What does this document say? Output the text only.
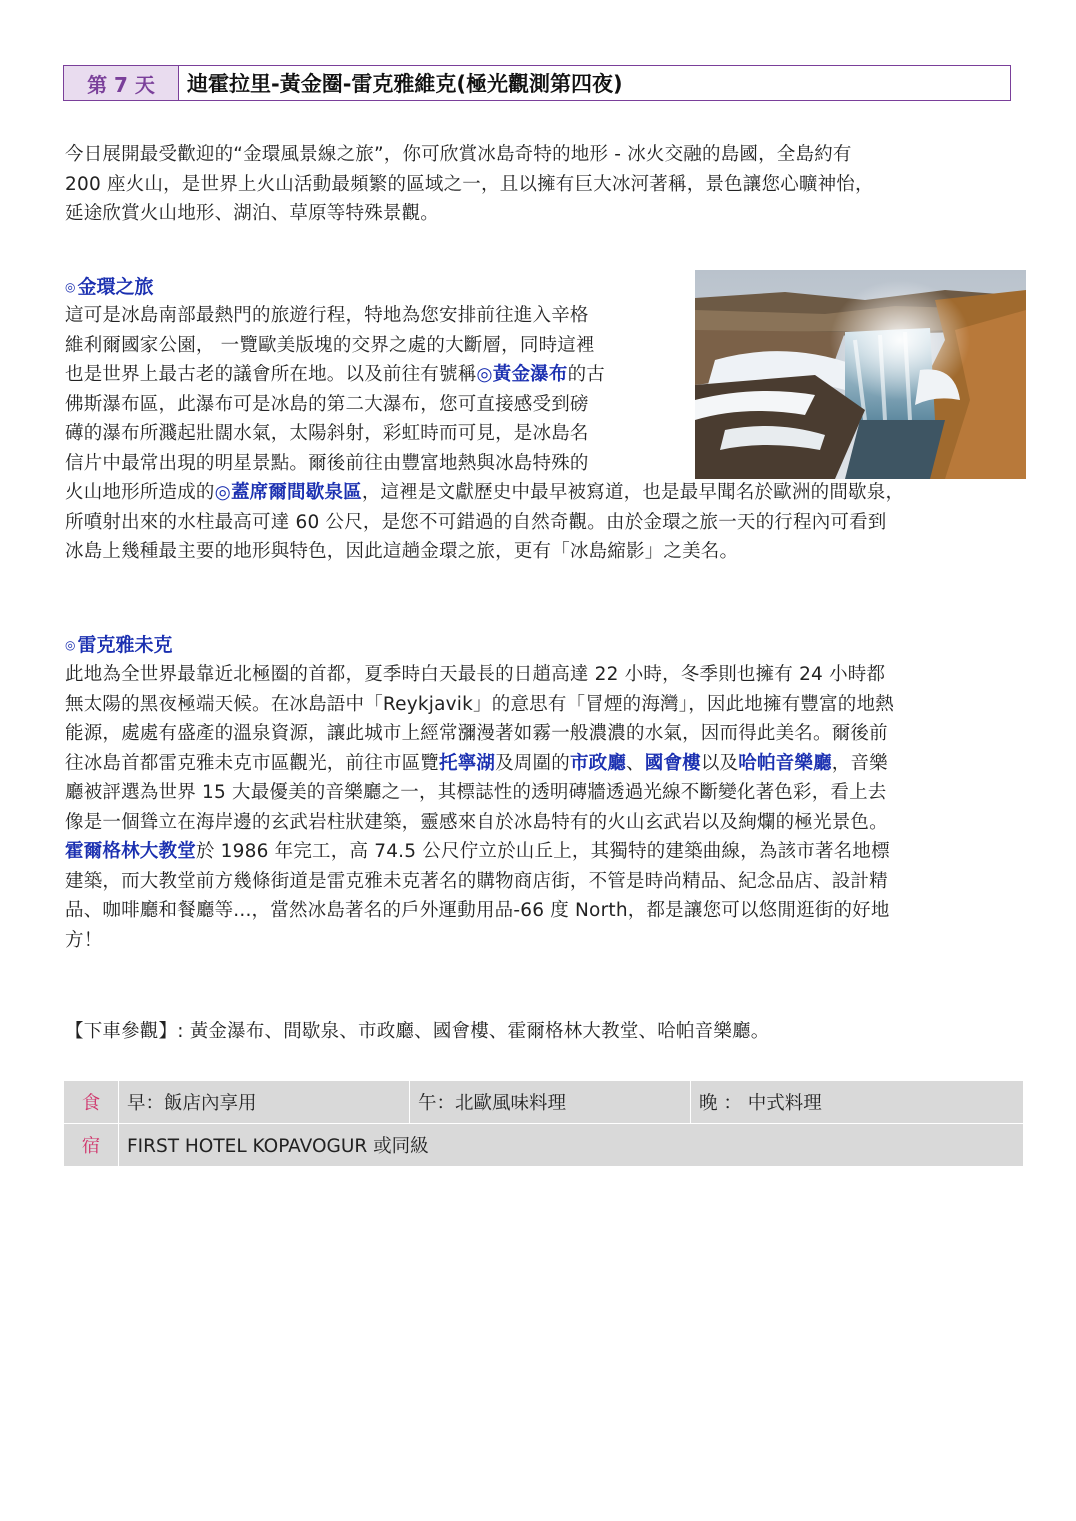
第 7 天	迪霍拉里-黃金圈-雷克雅維克(極光觀測第四夜)

今日展開最受歡迎的“金環風景線之旅”，你可欣賞冰島奇特的地形 - 冰火交融的島國，全島約有
200 座火山，是世界上火山活動最頻繁的區域之一，且以擁有巨大冰河著稱，景色讓您心曠神怡，
延途欣賞火山地形、湖泊、草原等特殊景觀。

◎ 金環之旅

這可是冰島南部最熱門的旅遊行程，特地為您安排前往進入辛格
維利爾國家公園， 一覽歐美版塊的交界之處的大斷層，同時這裡
也是世界上最古老的議會所在地。以及前往有號稱◎黃金瀑布的古
佛斯瀑布區，此瀑布可是冰島的第二大瀑布，您可直接感受到磅
礡的瀑布所濺起壯闊水氣，太陽斜射，彩虹時而可見，是冰島名
信片中最常出現的明星景點。爾後前往由豐富地熱與冰島特殊的
火山地形所造成的◎蓋席爾間歇泉區，這裡是文獻歷史中最早被寫道，也是最早聞名於歐洲的間歇泉，
所噴射出來的水柱最高可達 60 公尺，是您不可錯過的自然奇觀。由於金環之旅一天的行程內可看到
冰島上幾種最主要的地形與特色，因此這趟金環之旅，更有「冰島縮影」之美名。

◎ 雷克雅未克

此地為全世界最靠近北極圈的首都，夏季時白天最長的日趙高達 22 小時，冬季則也擁有 24 小時都
無太陽的黑夜極端天候。在冰島語中「Reykjavik」的意思有「冒煙的海灣」，因此地擁有豐富的地熱
能源，處處有盛產的溫泉資源，讓此城市上經常瀰漫著如霧一般濃濃的水氣，因而得此美名。爾後前
往冰島首都雷克雅未克市區觀光，前往市區覽托寧湖及周圍的市政廳、國會樓以及哈帕音樂廳，音樂
廳被評選為世界 15 大最優美的音樂廳之一，其標誌性的透明磚牆透過光線不斷變化著色彩，看上去
像是一個聳立在海岸邊的玄武岩柱狀建築，靈感來自於冰島特有的火山玄武岩以及絢爛的極光景色。
霍爾格林大教堂於 1986 年完工，高 74.5 公尺佇立於山丘上，其獨特的建築曲線，為該市著名地標
建築，而大教堂前方幾條街道是雷克雅未克著名的購物商店街，不管是時尚精品、紀念品店、設計精
品、咖啡廳和餐廳等...，當然冰島著名的戶外運動用品-66 度 North，都是讓您可以悠閒逛街的好地
方！

【下車參觀】: 黃金瀑布、間歇泉、市政廳、國會樓、霍爾格林大教堂、哈帕音樂廳。

食	早：飯店內享用	午：北歐風味料理	晚 ： 中式料理
宿	FIRST HOTEL KOPAVOGUR 或同級		
